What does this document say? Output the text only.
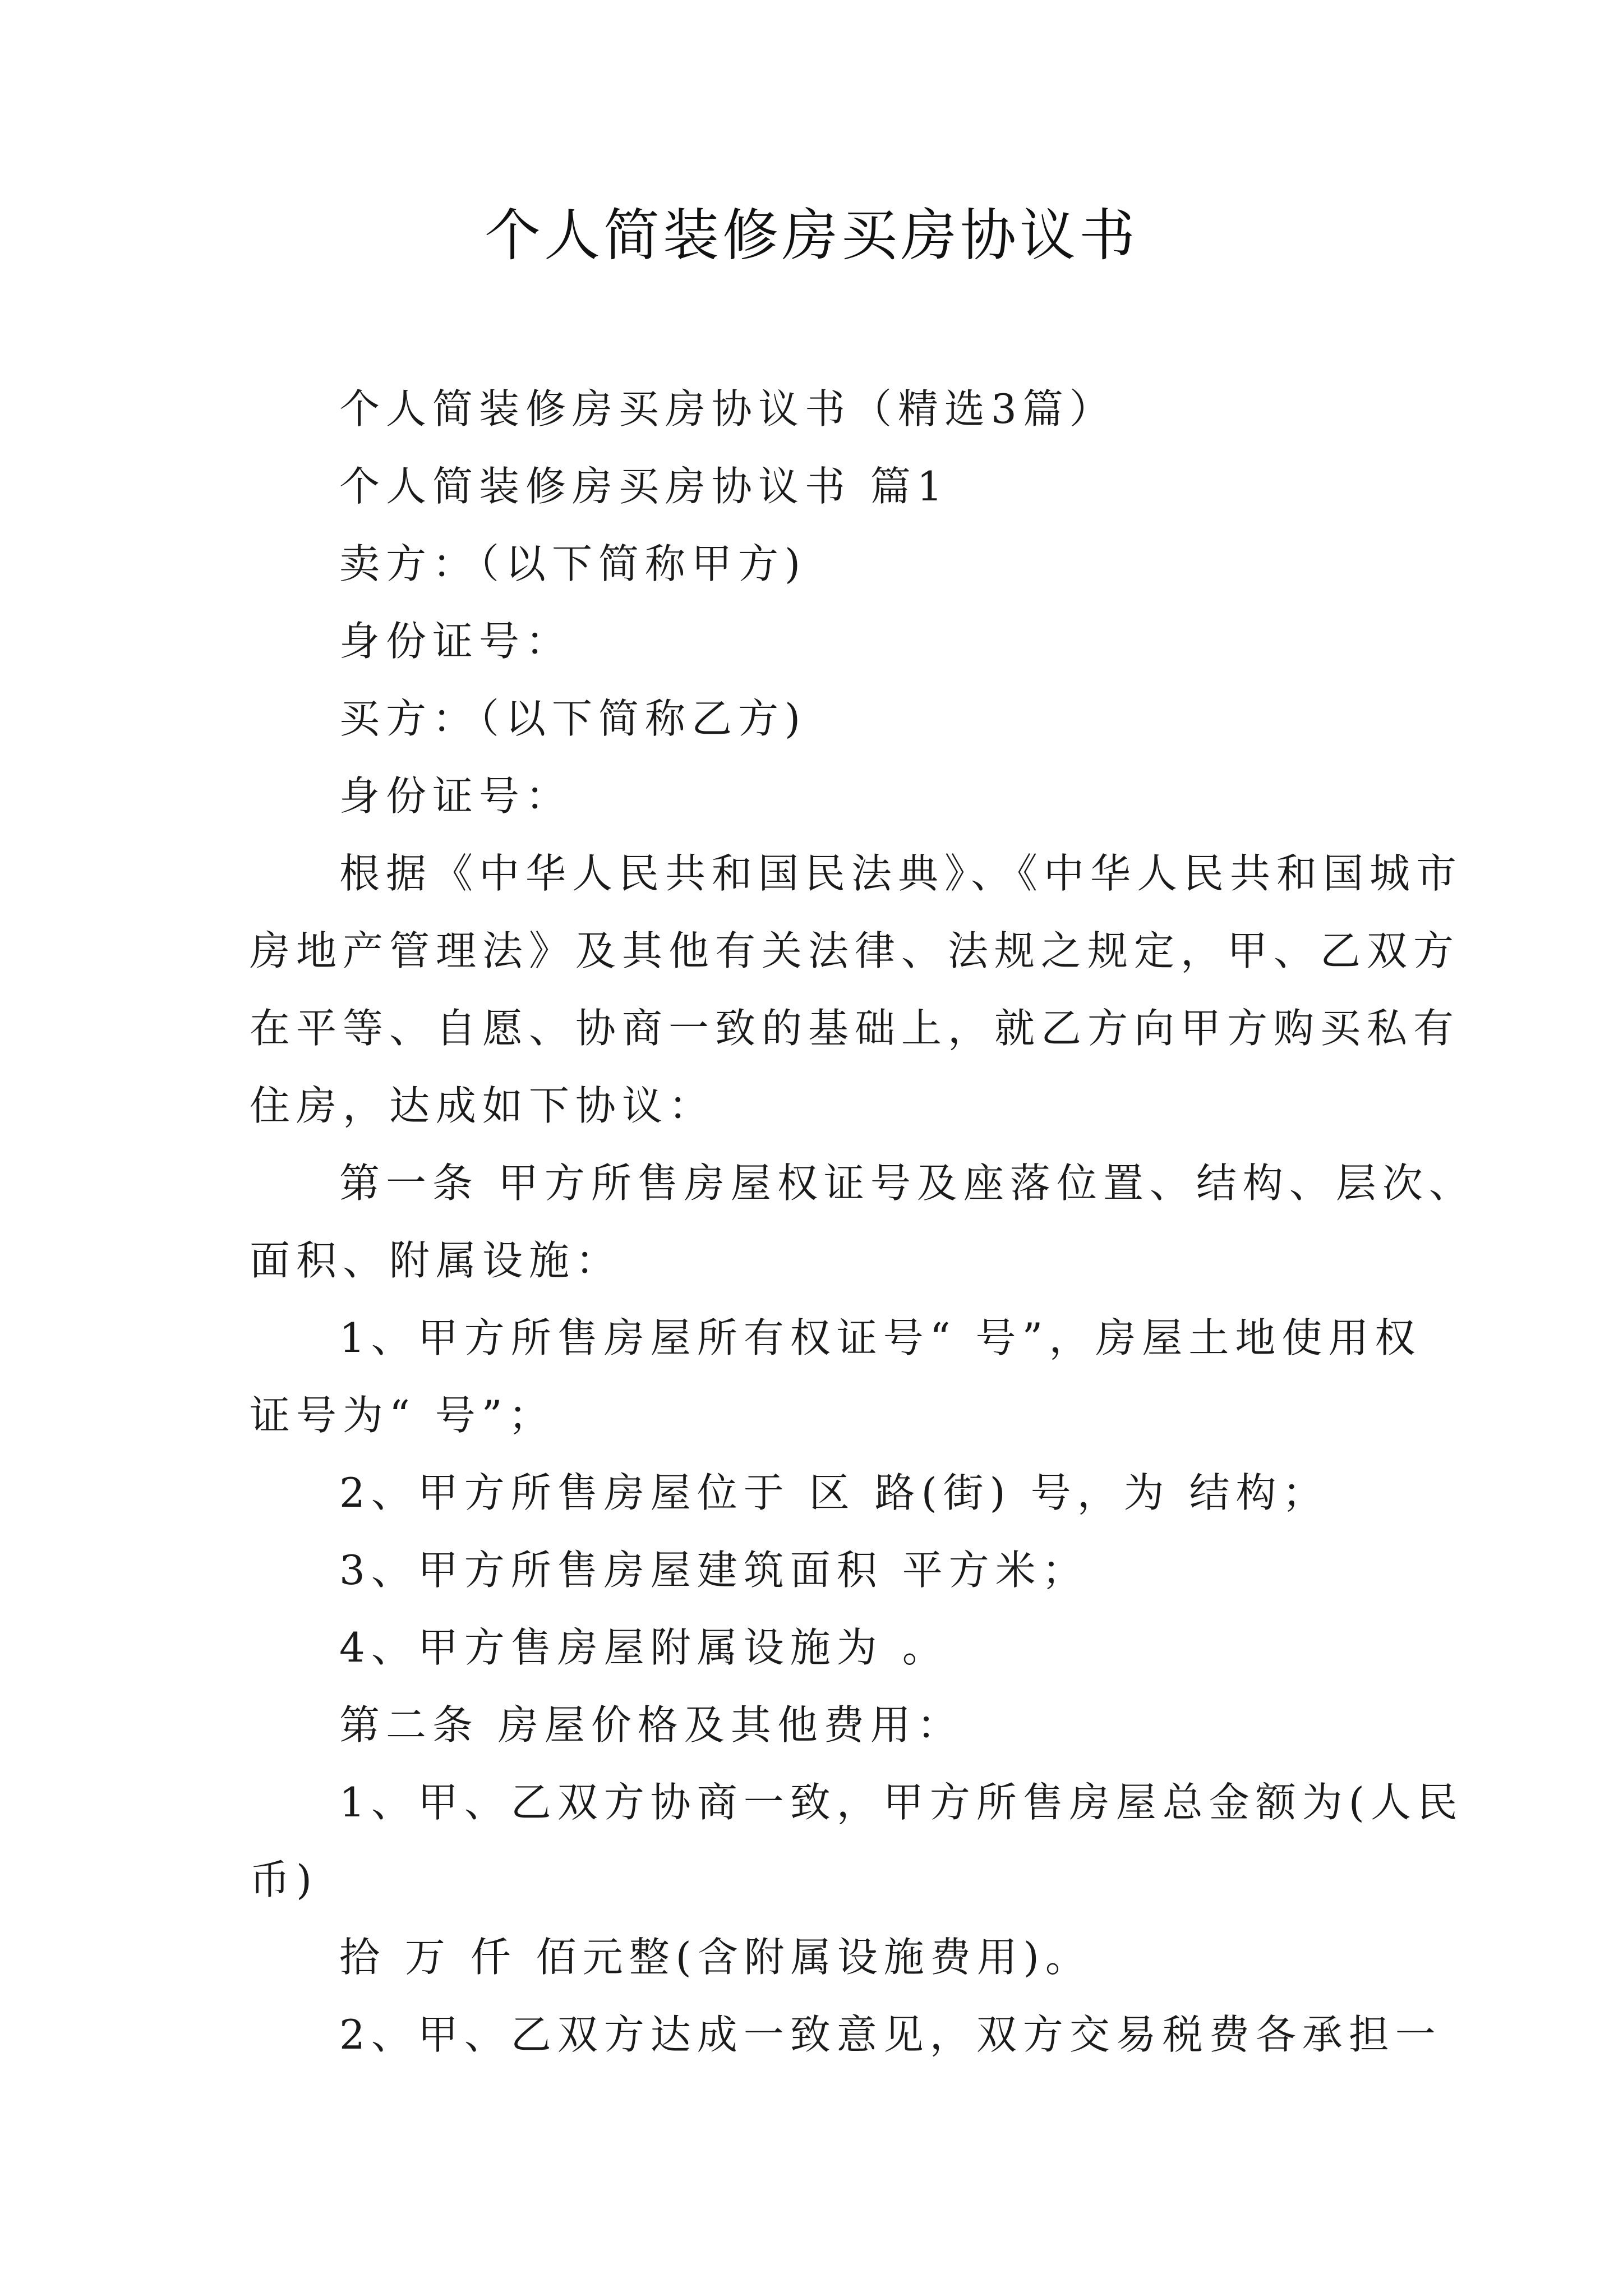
个人简装修房买房协议书

个人简装修房买房协议书（精选3篇）

个人简装修房买房协议书 篇1

卖方：（以下简称甲方)

身份证号：

买方：（以下简称乙方)

身份证号：

根据《中华人民共和国民法典》、《中华人民共和国城市

房地产管理法》及其他有关法律、法规之规定，甲、乙双方

在平等、自愿、协商一致的基础上，就乙方向甲方购买私有

住房，达成如下协议：

第一条 甲方所售房屋权证号及座落位置、结构、层次、

面积、附属设施：

1、甲方所售房屋所有权证号“ 号”，房屋土地使用权

证号为“ 号”；

2、甲方所售房屋位于 区 路(街) 号，为 结构；

3、甲方所售房屋建筑面积 平方米；

4、甲方售房屋附属设施为 。

第二条 房屋价格及其他费用：

1、甲、乙双方协商一致，甲方所售房屋总金额为(人民

币)

拾 万 仟 佰元整(含附属设施费用)。

2、甲、乙双方达成一致意见，双方交易税费各承担一
